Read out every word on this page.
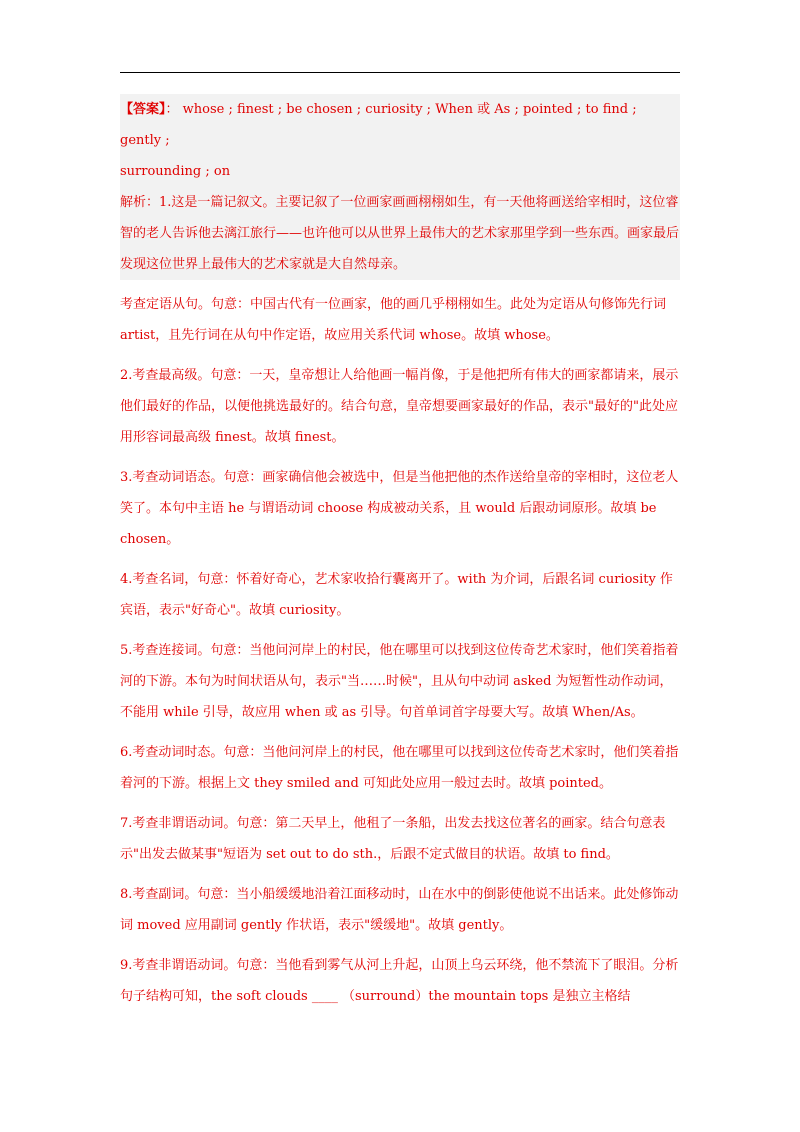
【答案】： whose ; finest ; be chosen ; curiosity ; When 或 As ; pointed ; to find ; gently ;
surrounding ; on
解析：1.这是一篇记叙文。主要记叙了一位画家画画栩栩如生，有一天他将画送给宰相时，这位睿智的老人告诉他去漓江旅行——也许他可以从世界上最伟大的艺术家那里学到一些东西。画家最后发现这位世界上最伟大的艺术家就是大自然母亲。
考查定语从句。句意：中国古代有一位画家，他的画几乎栩栩如生。此处为定语从句修饰先行词 artist，且先行词在从句中作定语，故应用关系代词 whose。故填 whose。
2.考查最高级。句意：一天，皇帝想让人给他画一幅肖像，于是他把所有伟大的画家都请来，展示他们最好的作品，以便他挑选最好的。结合句意，皇帝想要画家最好的作品，表示"最好的"此处应用形容词最高级 finest。故填 finest。
3.考查动词语态。句意：画家确信他会被选中，但是当他把他的杰作送给皇帝的宰相时，这位老人笑了。本句中主语 he 与谓语动词 choose 构成被动关系，且 would 后跟动词原形。故填 be chosen。
4.考查名词，句意：怀着好奇心，艺术家收拾行囊离开了。with 为介词，后跟名词 curiosity 作宾语，表示"好奇心"。故填 curiosity。
5.考查连接词。句意：当他问河岸上的村民，他在哪里可以找到这位传奇艺术家时，他们笑着指着河的下游。本句为时间状语从句，表示"当……时候"，且从句中动词 asked 为短暂性动作动词，不能用 while 引导，故应用 when 或 as 引导。句首单词首字母要大写。故填 When/As。
6.考查动词时态。句意：当他问河岸上的村民，他在哪里可以找到这位传奇艺术家时，他们笑着指着河的下游。根据上文 they smiled and 可知此处应用一般过去时。故填 pointed。
7.考查非谓语动词。句意：第二天早上，他租了一条船，出发去找这位著名的画家。结合句意表示"出发去做某事"短语为 set out to do sth.，后跟不定式做目的状语。故填 to find。
8.考查副词。句意：当小船缓缓地沿着江面移动时，山在水中的倒影使他说不出话来。此处修饰动词 moved 应用副词 gently 作状语，表示"缓缓地"。故填 gently。
9.考查非谓语动词。句意：当他看到雾气从河上升起，山顶上乌云环绕，他不禁流下了眼泪。分析句子结构可知，the soft clouds ____ （surround）the mountain tops 是独立主格结
